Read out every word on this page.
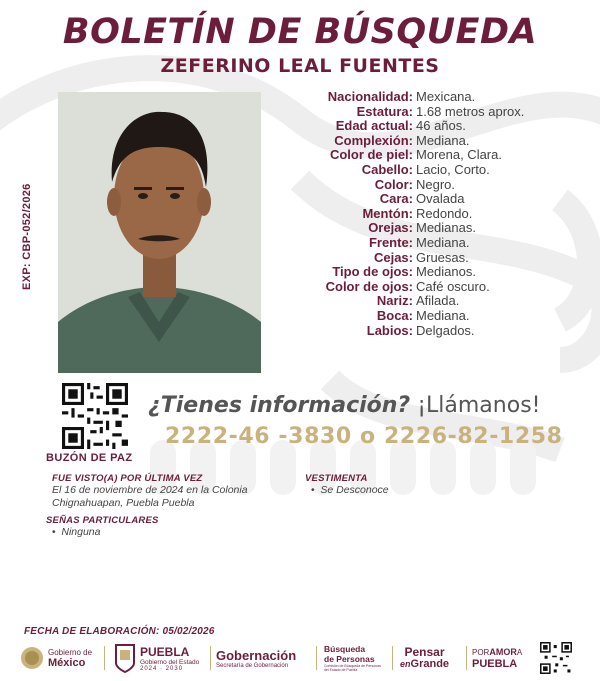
BOLETÍN DE BÚSQUEDA
ZEFERINO LEAL FUENTES
EXP: CBP-052/2026
Nacionalidad: Mexicana.
Estatura: 1.68 metros aprox.
Edad actual: 46 años.
Complexión: Mediana.
Color de piel: Morena, Clara.
Cabello: Lacio, Corto.
Color: Negro.
Cara: Ovalada
Mentón: Redondo.
Orejas: Medianas.
Frente: Mediana.
Cejas: Gruesas.
Tipo de ojos: Medianos.
Color de ojos: Café oscuro.
Nariz: Afilada.
Boca: Mediana.
Labios: Delgados.
BUZÓN DE PAZ
¿Tienes información? ¡Llámanos!
2222-46 -3830 o 2226-82-1258
FUE VISTO(A) POR ÚLTIMA VEZ
El 16 de noviembre de 2024 en la Colonia
Chignahuapan, Puebla Puebla
VESTIMENTA
•  Se Desconoce
SEÑAS PARTICULARES
•  Ninguna
FECHA DE ELABORACIÓN: 05/02/2026
Gobierno de
México
PUEBLA
Gobierno del Estado
2024 · 2030
Gobernación
Secretaría de Gobernación
Búsqueda
de Personas
Comisión de Búsqueda de Personas del Estado de Puebla
Pensar
enGrande
PORAMORA
PUEBLA
